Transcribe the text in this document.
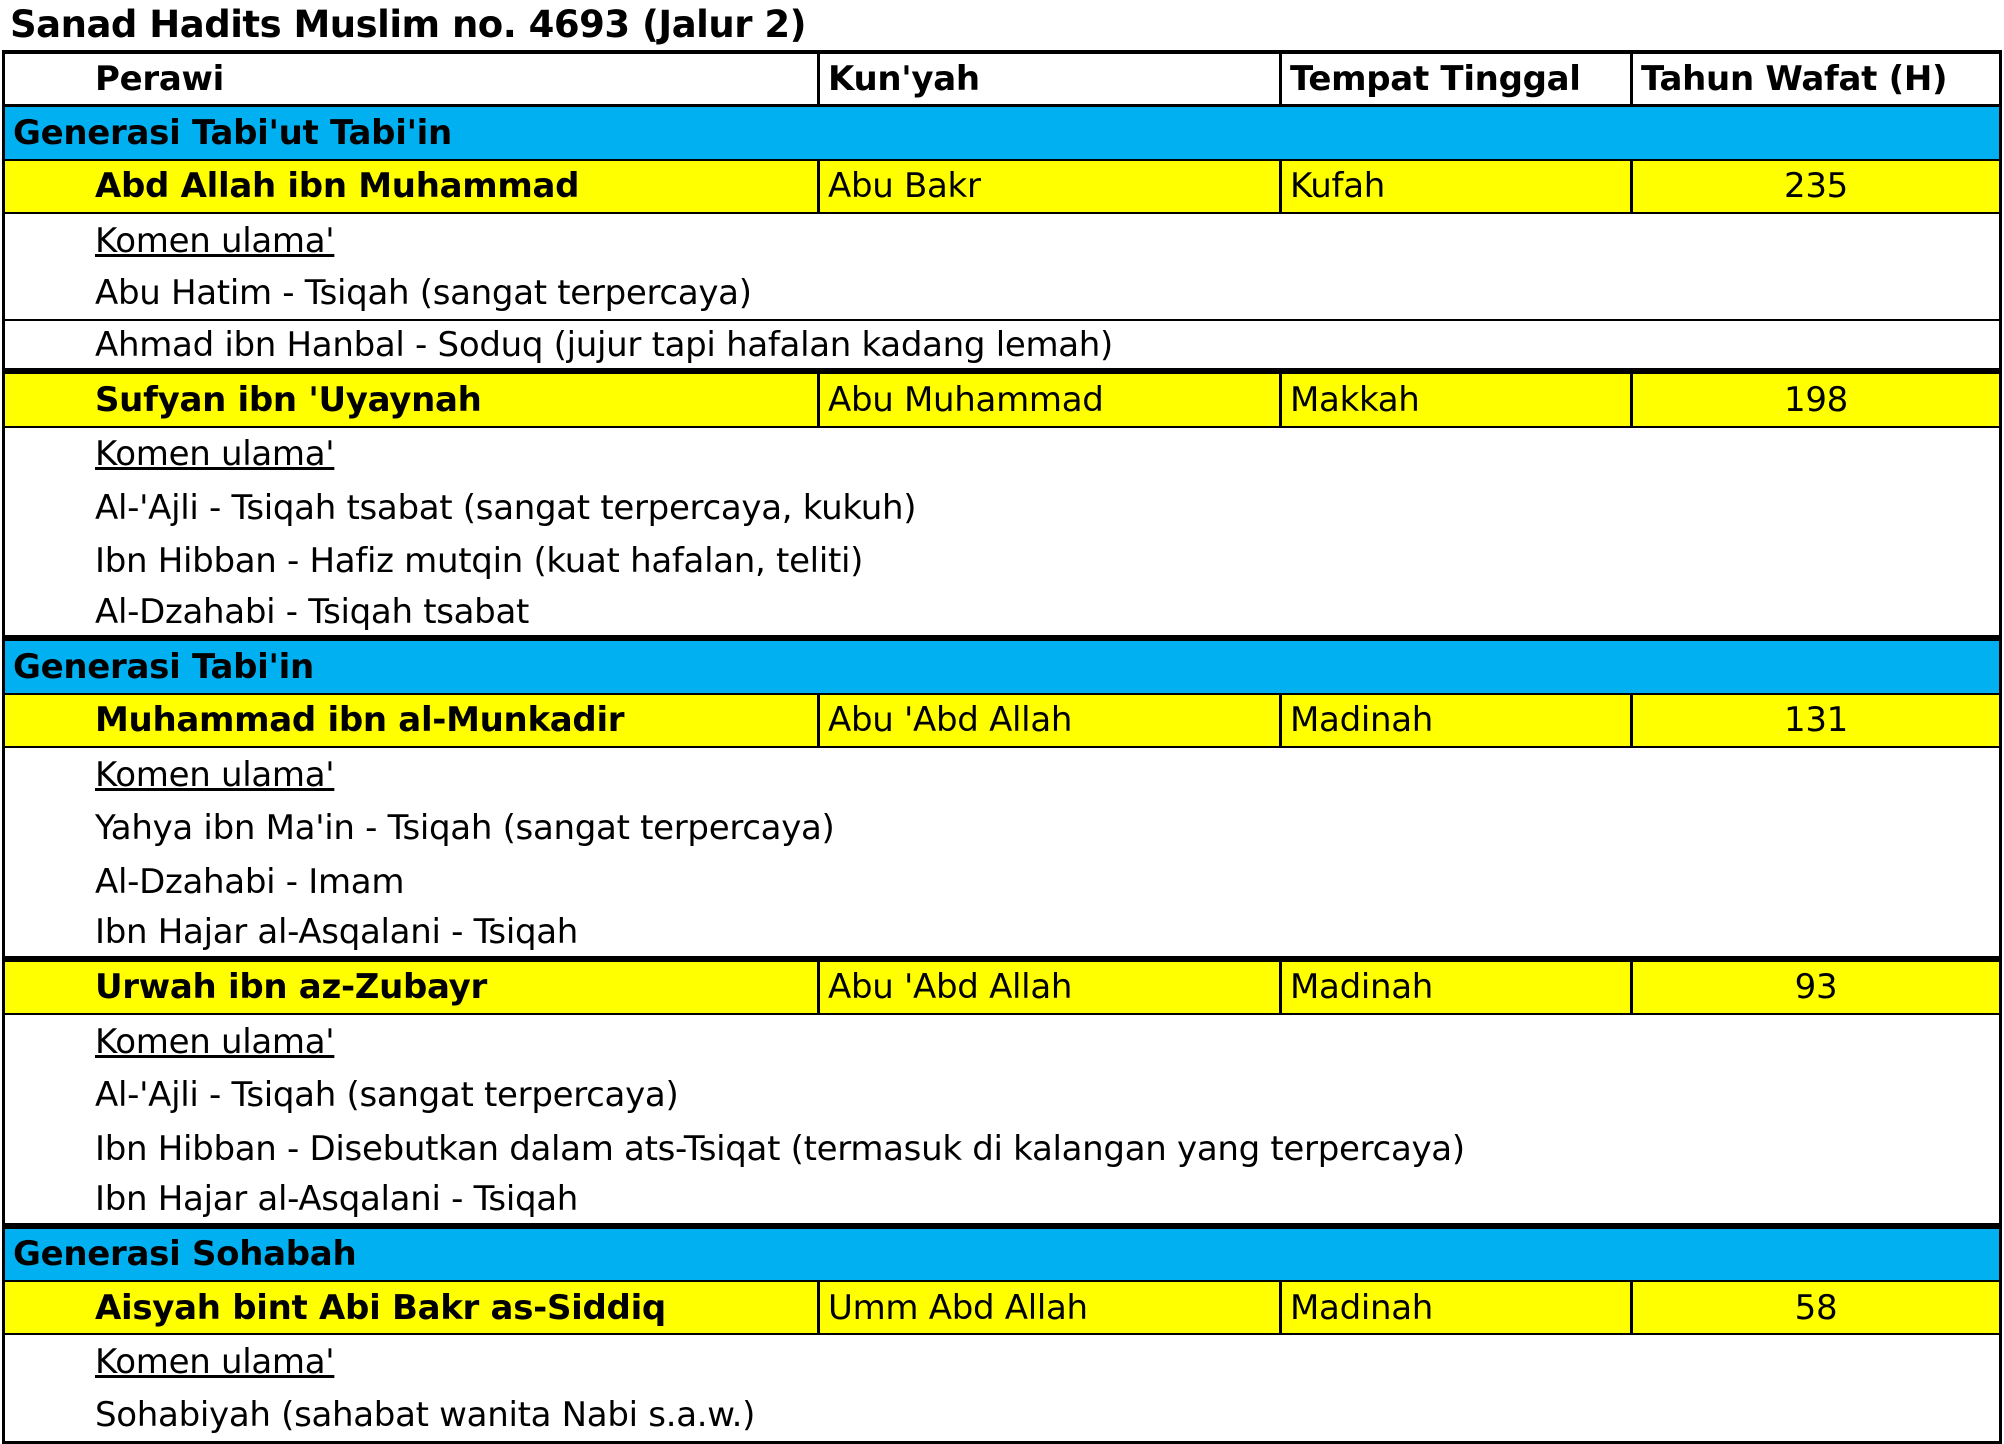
Sanad Hadits Muslim no. 4693 (Jalur 2)
Perawi	Kun'yah	Tempat Tinggal	Tahun Wafat (H)
Generasi Tabi'ut Tabi'in
Abd Allah ibn Muhammad	Abu Bakr	Kufah	235
Komen ulama'
Abu Hatim - Tsiqah (sangat terpercaya)
Ahmad ibn Hanbal - Soduq (jujur tapi hafalan kadang lemah)
Sufyan ibn 'Uyaynah	Abu Muhammad	Makkah	198
Komen ulama'
Al-'Ajli - Tsiqah tsabat (sangat terpercaya, kukuh)
Ibn Hibban - Hafiz mutqin (kuat hafalan, teliti)
Al-Dzahabi - Tsiqah tsabat
Generasi Tabi'in
Muhammad ibn al-Munkadir	Abu 'Abd Allah	Madinah	131
Komen ulama'
Yahya ibn Ma'in - Tsiqah (sangat terpercaya)
Al-Dzahabi - Imam
Ibn Hajar al-Asqalani - Tsiqah
Urwah ibn az-Zubayr	Abu 'Abd Allah	Madinah	93
Komen ulama'
Al-'Ajli - Tsiqah (sangat terpercaya)
Ibn Hibban - Disebutkan dalam ats-Tsiqat (termasuk di kalangan yang terpercaya)
Ibn Hajar al-Asqalani - Tsiqah
Generasi Sohabah
Aisyah bint Abi Bakr as-Siddiq	Umm Abd Allah	Madinah	58
Komen ulama'
Sohabiyah (sahabat wanita Nabi s.a.w.)
